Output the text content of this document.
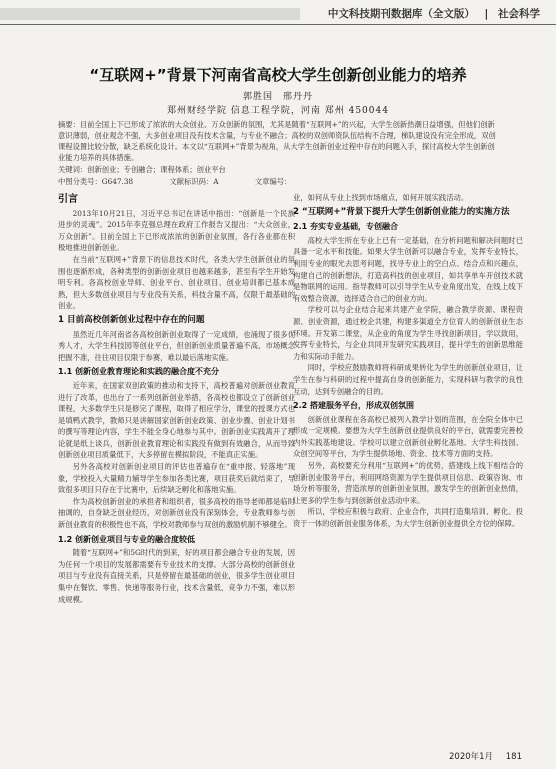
中文科技期刊数据库（全文版） | 社会科学
“互联网+”背景下河南省高校大学生创新创业能力的培养
郭胜国　邢丹丹
郑州财经学院 信息工程学院，河南 郑州 450044
摘要：目前全国上下已形成了浓浓的大众创业、万众创新的氛围，尤其是随着“互联网+”的兴起，大学生创新热潮日益增强，但他们创新意识薄弱，创业观念不强，大多创业项目没有技术含量，与专业不融合；高校的双创师资队伍结构不合理，梯队建设没有完全形成，双创课程设置比较分散，缺乏系统化设计。本文以“互联网+”背景为视角，从大学生创新创业过程中存在的问题入手，探讨高校大学生创新创业能力培养的具体措施。
关键词：创新创业；专创融合；课程体系；创业平台
中图分类号：G647.38	文献标识码：A	文章编号：
引言

2013年10月21日，习近平总书记在讲话中指出：“创新是一个民族进步的灵魂”。2015年李克强总理在政府工作报告又提出：“大众创业，万众创新”。目前全国上下已形成浓浓的创新创业氛围，各行各业都在积极地推进创新创业。

在当前“互联网+”背景下的信息技术时代，各类大学生创新创业的氛围也逐渐形成，各种类型的创新创业项目也越来越多，甚至有学生开始发明专利。各高校创业导师、创业平台、创业项目、创业培训都已基本成熟，但大多数创业项目与专业没有关系，科技含量不高，仅限于最基础的创业。

1 目前高校创新创业过程中存在的问题

虽然近几年河南省各高校创新创业取得了一定成绩，也涌现了很多优秀人才，大学生科技园等创业平台，但创新创业质量普遍不高，市场概念把握不准，往往项目仅限于参赛，难以最后落地实施。

1.1 创新创业教育理论和实践的融合度不充分

近年来，在国家双创政策的推动和支持下，高校普遍对创新创业教育进行了改革，也出台了一系列创新创业举措，各高校也都设立了创新创业课程，大多数学生只是修完了课程，取得了相应学分，课堂的授课方式也是填鸭式教学，教师只是讲解国家创新创业政策、创业步骤、创业计划书的撰写等理论内容，学生不能全身心地参与其中。创新创业实践离开了理论就是纸上谈兵，创新创业教育理论和实践没有做到有效融合，从而导致创新创业项目质量低下，大多停留在模拟阶段，不能真正实施。

另外各高校对创新创业项目的评估也普遍存在“重申报、轻落地”现象，学校投入大量精力辅导学生参加各类比赛，项目获奖后就结束了，导致很多项目只存在于比赛中，后续缺乏孵化和落地实施。

作为高校创新创业的承担者和组织者，很多高校的指导老师都是临时抽调的，自身缺乏创业经历，对创新创业没有深刻体会，专业教师参与创新创业教育的积极性也不高，学校对教师参与双创的激励机制不够健全。

1.2 创新创业项目与专业的融合度较低

随着“互联网+”和5G时代的到来，好的项目都会融合专业的发展，因为任何一个项目的发展都需要有专业技术的支撑。大部分高校的创新创业项目与专业没有直接关系，只是停留在最基础的创业，很多学生创业项目集中在餐饮、零售、快递等服务行业，技术含量低，竞争力不强，难以形成规模。

业，如何从专业上找到市场痛点，如何开展实践活动。

2 “互联网+”背景下提升大学生创新创业能力的实施方法
2.1 夯实专业基础，专创融合

高校大学生所在专业上已有一定基础，在分析问题和解决问题时已具备一定水平和技能。如果大学生创新可以融合专业，发挥专业特长，利用专业的眼光去思考问题，找寻专业上的空白点、结合点和兴趣点，构建自己的创新想法，打造高科技的创业项目，如共享单车开创技术就是物联网的运用。指导教师可以引导学生从专业角度出发，在线上线下有效整合资源，选择适合自己的创业方向。

学校可以与企业结合起来共建产业学院，融合教学资源、课程资源、创业资源，通过校企共建，构建多渠道全方位育人的创新创业生态环境。开发第二课堂，从企业的角度为学生寻找创新项目，学以致用，发挥专业特长，与企业共同开发研究实践项目，提升学生的创新思维能力和实际动手能力。

同时，学校应鼓励教师将科研成果转化为学生的创新创业项目，让学生在参与科研的过程中提高自身的创新能力，实现科研与教学的良性互动，达到专创融合的目的。

2.2 搭建服务平台，形成双创氛围

创新创业课程在各高校已被列入教学计划的范围，在全院全体中已形成一定规模。要想为大学生创新创业提供良好的平台，就需要完善校内外实践基地建设。学校可以建立创新创业孵化基地、大学生科技园、众创空间等平台，为学生提供场地、资金、技术等方面的支持。

另外，高校要充分利用“互联网+”的优势，搭建线上线下相结合的创新创业服务平台，利用网络资源为学生提供项目信息、政策咨询、市场分析等服务，营造浓厚的创新创业氛围，激发学生的创新创业热情，让更多的学生参与到创新创业活动中来。

所以，学校应积极与政府、企业合作，共同打造集培训、孵化、投资于一体的创新创业服务体系，为大学生创新创业提供全方位的保障。

2020年1月 181
